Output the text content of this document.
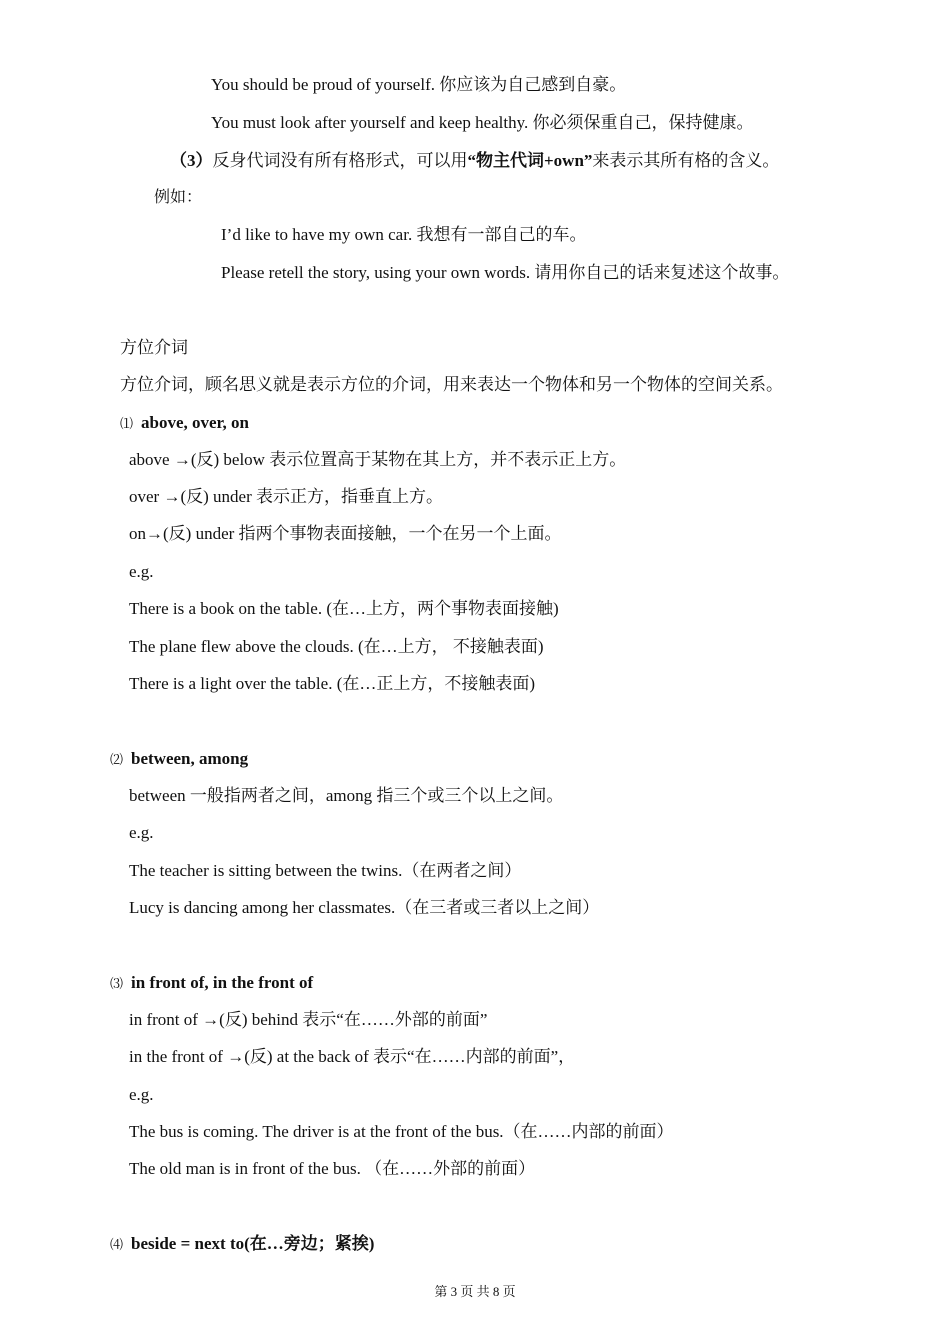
You should be proud of yourself. 你应该为自己感到自豪。
You must look after yourself and keep healthy. 你必须保重自己，保持健康。
（3）反身代词没有所有格形式，可以用“物主代词+own”来表示其所有格的含义。
例如：
I’d like to have my own car. 我想有一部自己的车。
Please retell the story, using your own words. 请用你自己的话来复述这个故事。
方位介词
方位介词，顾名思义就是表示方位的介词，用来表达一个物体和另一个物体的空间关系。
⑴ above, over, on
above →(反) below 表示位置高于某物在其上方，并不表示正上方。
over →(反) under 表示正方，指垂直上方。
on→(反) under 指两个事物表面接触，一个在另一个上面。
e.g.
There is a book on the table. (在…上方，两个事物表面接触)
The plane flew above the clouds. (在…上方， 不接触表面)
There is a light over the table. (在…正上方，不接触表面)
⑵ between, among
between 一般指两者之间，among 指三个或三个以上之间。
e.g.
The teacher is sitting between the twins.（在两者之间）
Lucy is dancing among her classmates.（在三者或三者以上之间）
⑶ in front of, in the front of
in front of →(反) behind 表示“在……外部的前面”
in the front of →(反) at the back of 表示“在……内部的前面”，
e.g.
The bus is coming. The driver is at the front of the bus.（在……内部的前面）
The old man is in front of the bus. （在……外部的前面）
⑷ beside = next to(在…旁边；紧挨)
第 3 页 共 8 页
